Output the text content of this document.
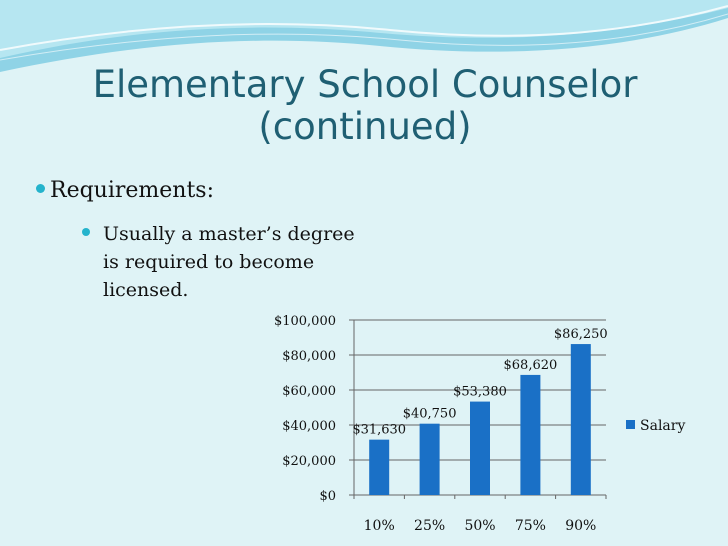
Elementary School Counselor
(continued)
Requirements:
Usually a master’s degree
is required to become
licensed.
$0
$20,000
$40,000
$60,000
$80,000
$100,000
$31,630
10%
$40,750
25%
$53,380
50%
$68,620
75%
$86,250
90%
Salary
